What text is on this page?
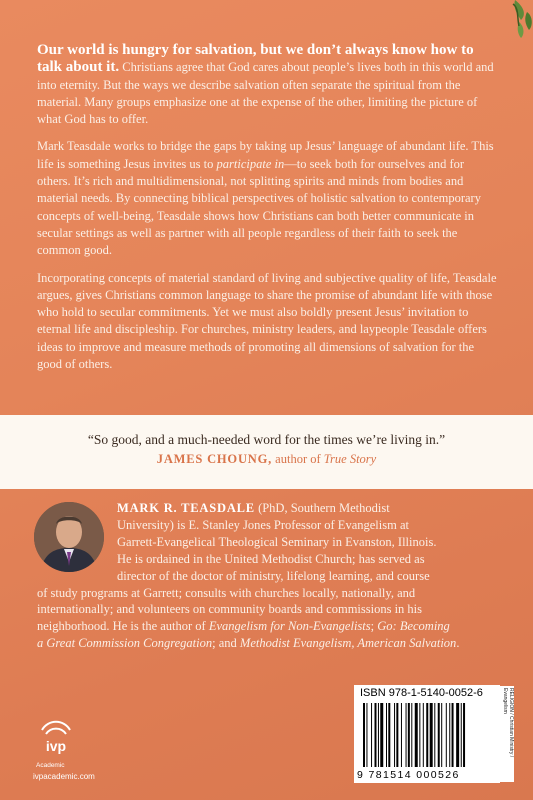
Our world is hungry for salvation, but we don’t always know how to talk about it. Christians agree that God cares about people’s lives both in this world and into eternity. But the ways we describe salvation often separate the spiritual from the material. Many groups emphasize one at the expense of the other, limiting the picture of what God has to offer.

Mark Teasdale works to bridge the gaps by taking up Jesus’ language of abundant life. This life is something Jesus invites us to participate in—to seek both for ourselves and for others. It’s rich and multidimensional, not splitting spirits and minds from bodies and material needs. By connecting biblical perspectives of holistic salvation to contemporary concepts of well-being, Teasdale shows how Christians can both better communicate in secular settings as well as partner with all people regardless of their faith to seek the common good.

Incorporating concepts of material standard of living and subjective quality of life, Teasdale argues, gives Christians common language to share the promise of abundant life with those who hold to secular commitments. Yet we must also boldly present Jesus’ invitation to eternal life and discipleship. For churches, ministry leaders, and laypeople Teasdale offers ideas to improve and measure methods of promoting all dimensions of salvation for the good of others.

“So good, and a much-needed word for the times we’re living in.”
JAMES CHOUNG, author of True Story
MARK R. TEASDALE (PhD, Southern Methodist
University) is E. Stanley Jones Professor of Evangelism at
Garrett-Evangelical Theological Seminary in Evanston, Illinois.
He is ordained in the United Methodist Church; has served as
director of the doctor of ministry, lifelong learning, and course
of study programs at Garrett; consults with churches locally, nationally, and
internationally; and volunteers on community boards and commissions in his
neighborhood. He is the author of Evangelism for Non-Evangelists; Go: Becoming
a Great Commission Congregation; and Methodist Evangelism, American Salvation.
ivp
Academic
ivpacademic.com
ISBN 978-1-5140-0052-6
9 781514 000526
RELIGION / Christian Ministry / Evangelism
